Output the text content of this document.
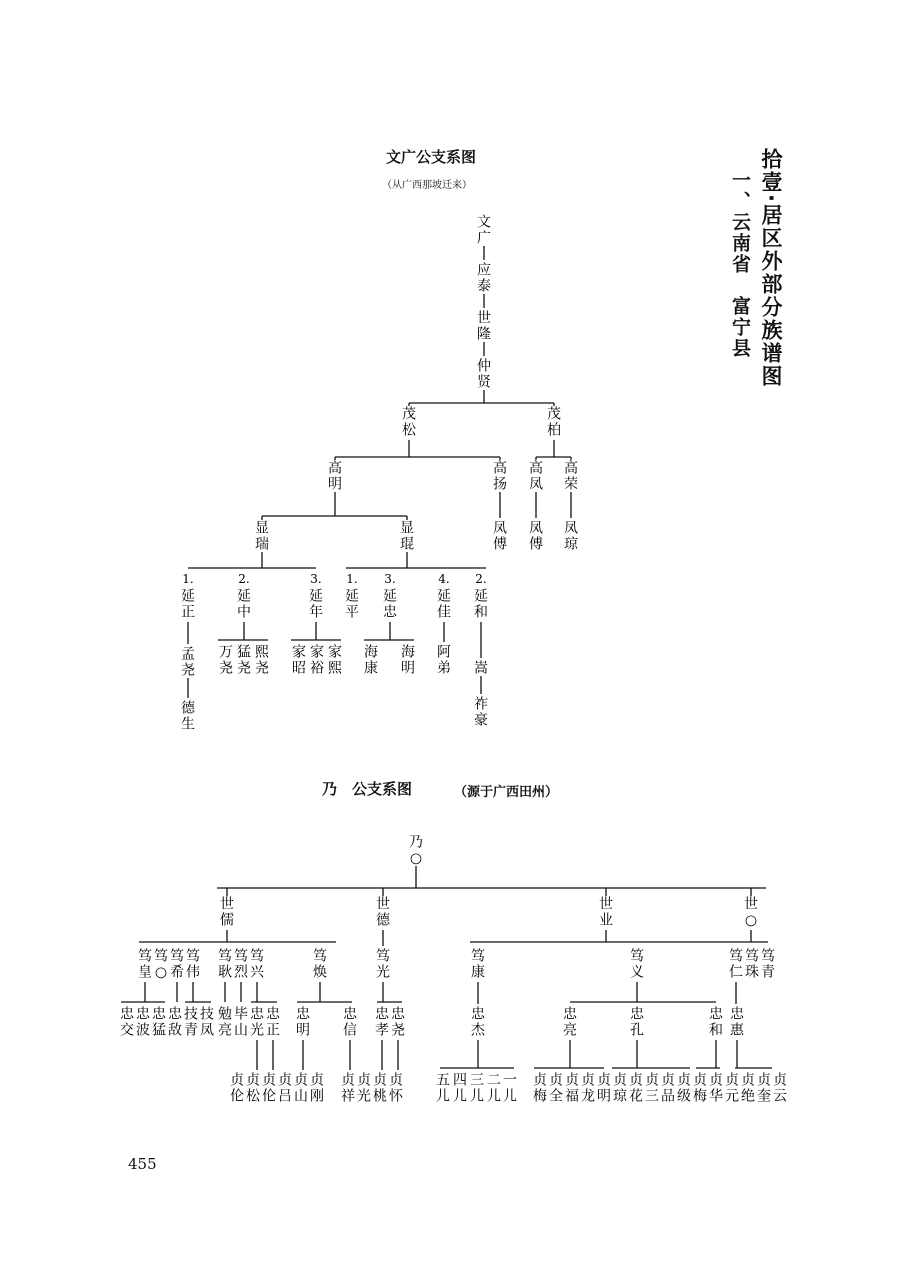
拾壹·居区外部分族谱图
一、云南省　富宁县
文广公支系图
（从广西那坡迁来）
乃　公支系图	（源于广西田州）
文
广
应
泰
世
隆
仲
贤
茂
松
茂
柏
高
明
高
扬
高
凤
高
荣
凤
傅
凤
傅
凤
琼
显
瑞
显
琨
延
正
延
中
延
年
延
平
延
忠
延
佳
延
和
孟
尧
德
生
万
尧
猛
尧
熙
尧
家
昭
家
裕
家
熙
海
康
海
明
阿
弟 嵩
祚
豪
1.	2.	3. 1. 3.	4. 2.
乃
○
世
儒
世
德
世
业
世
○
笃
皇
笃
○
笃
希
笃
伟
笃
耿
笃
烈
笃
兴
笃
焕
笃
光
笃
康
笃
义
笃
仁
笃
珠
笃
青
忠
交
忠
波
忠
猛
忠
敌
技
青
技
凤
勉
亮
毕
山
忠
光
忠
正
忠
明
忠
信
忠
孝
忠
尧
忠
杰
忠
亮
忠
孔
忠
和
忠
惠
贞
伦
贞
松
贞
伦
贞
吕
贞
山
贞
刚
贞
祥
贞
光
贞
桃
贞
怀
五
儿
四
儿
三
儿
二
儿
一
儿
贞
梅
贞
全
贞
福
贞
龙
贞
明
贞
琼
贞
花
贞
三
贞
品
贞
级
贞
梅
贞
华
贞
元
贞
绝
贞
奎
贞
云
455
